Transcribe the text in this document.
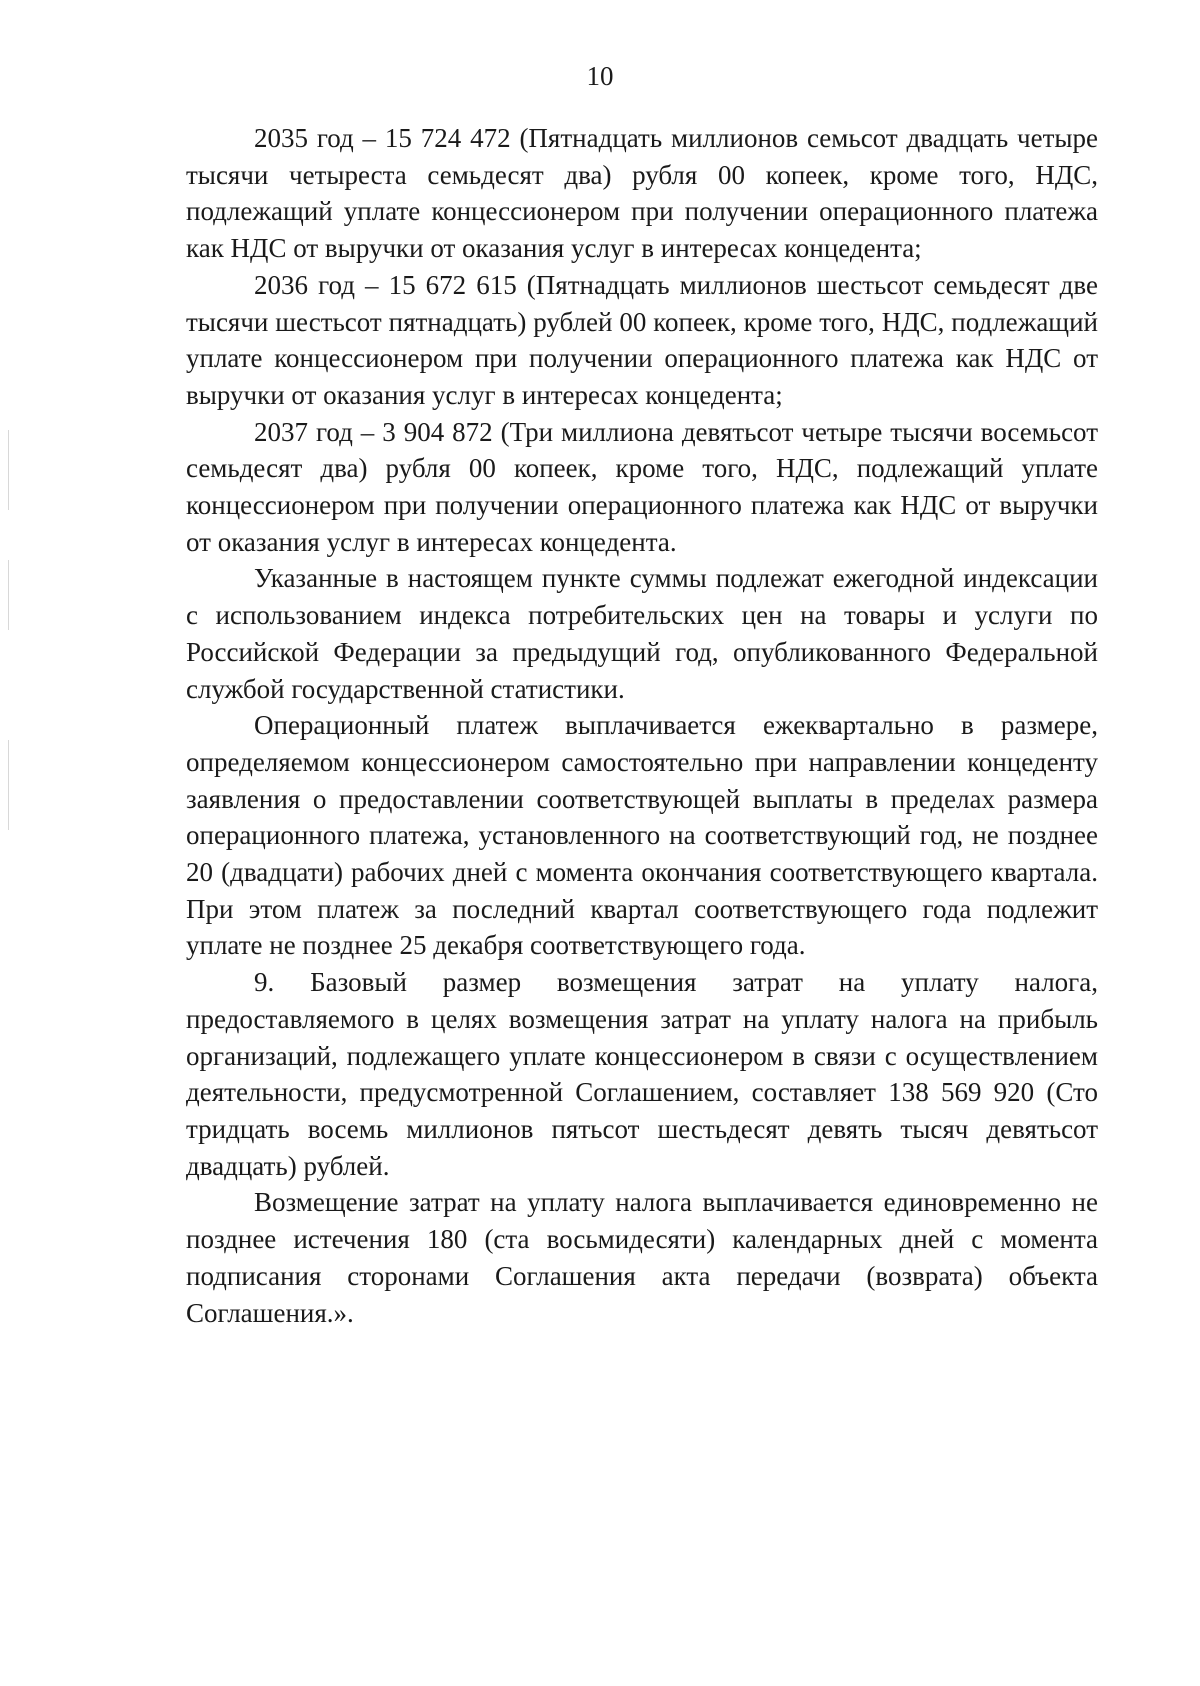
10

2035 год – 15 724 472 (Пятнадцать миллионов семьсот двадцать четыре тысячи четыреста семьдесят два) рубля 00 копеек, кроме того, НДС, подлежащий уплате концессионером при получении операционного платежа как НДС от выручки от оказания услуг в интересах концедента;

2036 год – 15 672 615 (Пятнадцать миллионов шестьсот семьдесят две тысячи шестьсот пятнадцать) рублей 00 копеек, кроме того, НДС, подлежащий уплате концессионером при получении операционного платежа как НДС от выручки от оказания услуг в интересах концедента;

2037 год – 3 904 872 (Три миллиона девятьсот четыре тысячи восемьсот семьдесят два) рубля 00 копеек, кроме того, НДС, подлежащий уплате концессионером при получении операционного платежа как НДС от выручки от оказания услуг в интересах концедента.

Указанные в настоящем пункте суммы подлежат ежегодной индексации с использованием индекса потребительских цен на товары и услуги по Российской Федерации за предыдущий год, опубликованного Федеральной службой государственной статистики.

Операционный платеж выплачивается ежеквартально в размере, определяемом концессионером самостоятельно при направлении концеденту заявления о предоставлении соответствующей выплаты в пределах размера операционного платежа, установленного на соответствующий год, не позднее 20 (двадцати) рабочих дней с момента окончания соответствующего квартала. При этом платеж за последний квартал соответствующего года подлежит уплате не позднее 25 декабря соответствующего года.

9. Базовый размер возмещения затрат на уплату налога, предоставляемого в целях возмещения затрат на уплату налога на прибыль организаций, подлежащего уплате концессионером в связи с осуществлением деятельности, предусмотренной Соглашением, составляет 138 569 920 (Сто тридцать восемь миллионов пятьсот шестьдесят девять тысяч девятьсот двадцать) рублей.

Возмещение затрат на уплату налога выплачивается единовременно не позднее истечения 180 (ста восьмидесяти) календарных дней с момента подписания сторонами Соглашения акта передачи (возврата) объекта Соглашения.».
